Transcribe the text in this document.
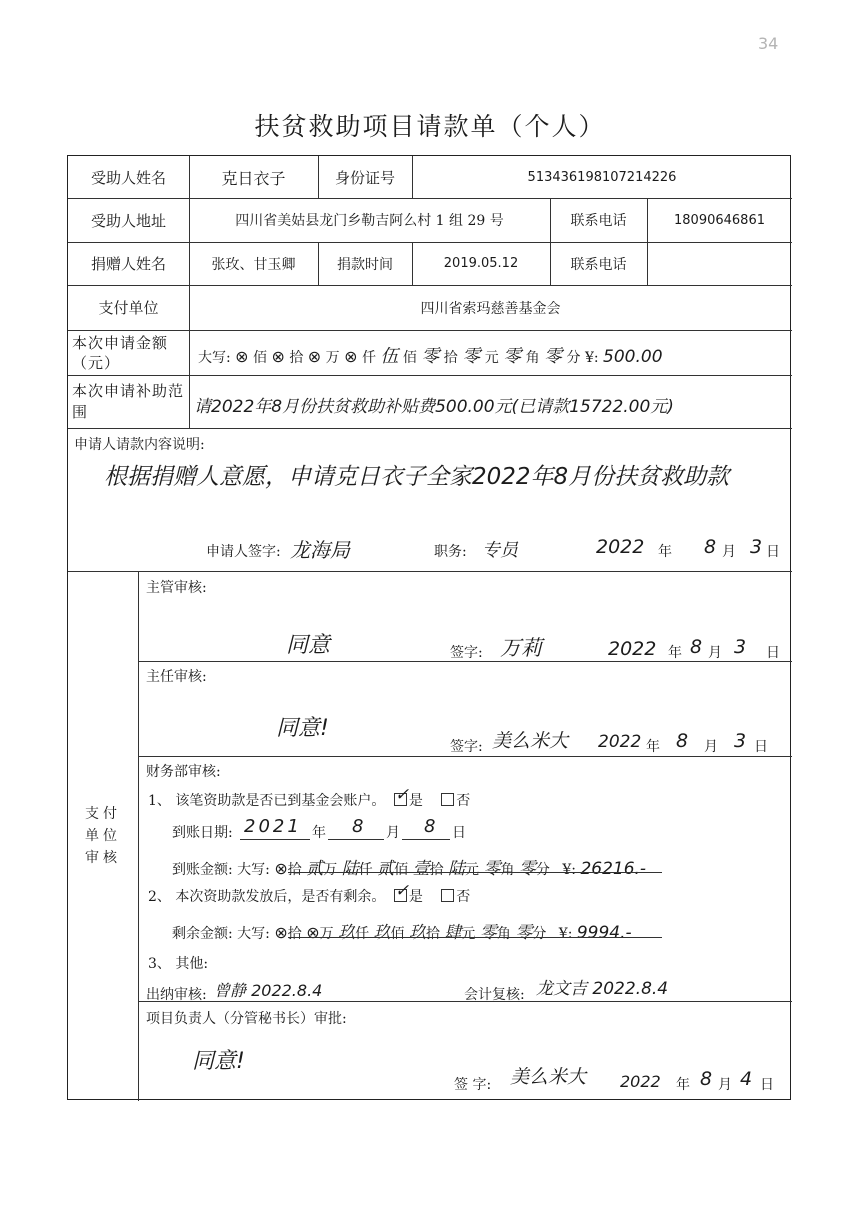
34
扶贫救助项目请款单（个人）
受助人姓名	克日衣子	身份证号	513436198107214226
受助人地址	四川省美姑县龙门乡勒吉阿么村 1 组 29 号	联系电话	18090646861
捐赠人姓名	张玫、甘玉卿	捐款时间	2019.05.12	联系电话
支付单位	四川省索玛慈善基金会
本次申请金额（元）	大写: ⊗ 佰 ⊗ 拾 ⊗ 万 ⊗ 仟 伍 佰 零 拾 零 元 零 角 零 分 ¥: 500.00
本次申请补助范围	请2022年8月份扶贫救助补贴费500.00元(已请款15722.00元)
申请人请款内容说明:
根据捐赠人意愿，申请克日衣子全家2022年8月份扶贫救助款
申请人签字: 龙海局	职务: 专员	2022 年 8 月 3 日
支付单位审核
主管审核:
同意	签字: 万莉	2022 年 8 月 3 日
主任审核:
同意!
签字: 美么米大 2022 年 8 月 3 日
财务部审核:
1、 该笔资助款是否已到基金会账户。 ✓ 是 否
到账日期: 2021 年 8 月 8 日
到账金额: 大写: ⊗拾 贰万 陆仟 贰佰 壹拾 陆元 零角 零分 ¥: 26216.-
2、 本次资助款发放后，是否有剩余。 ✓ 是 否
剩余金额: 大写: ⊗拾 ⊗万 玖仟 玖佰 玖拾 肆元 零角 零分 ¥: 9994.-
3、 其他:
出纳审核: 曾静 2022.8.4	会计复核: 龙文吉 2022.8.4
项目负责人（分管秘书长）审批:
同意!
签 字: 美么米大 2022 年 8 月 4 日
